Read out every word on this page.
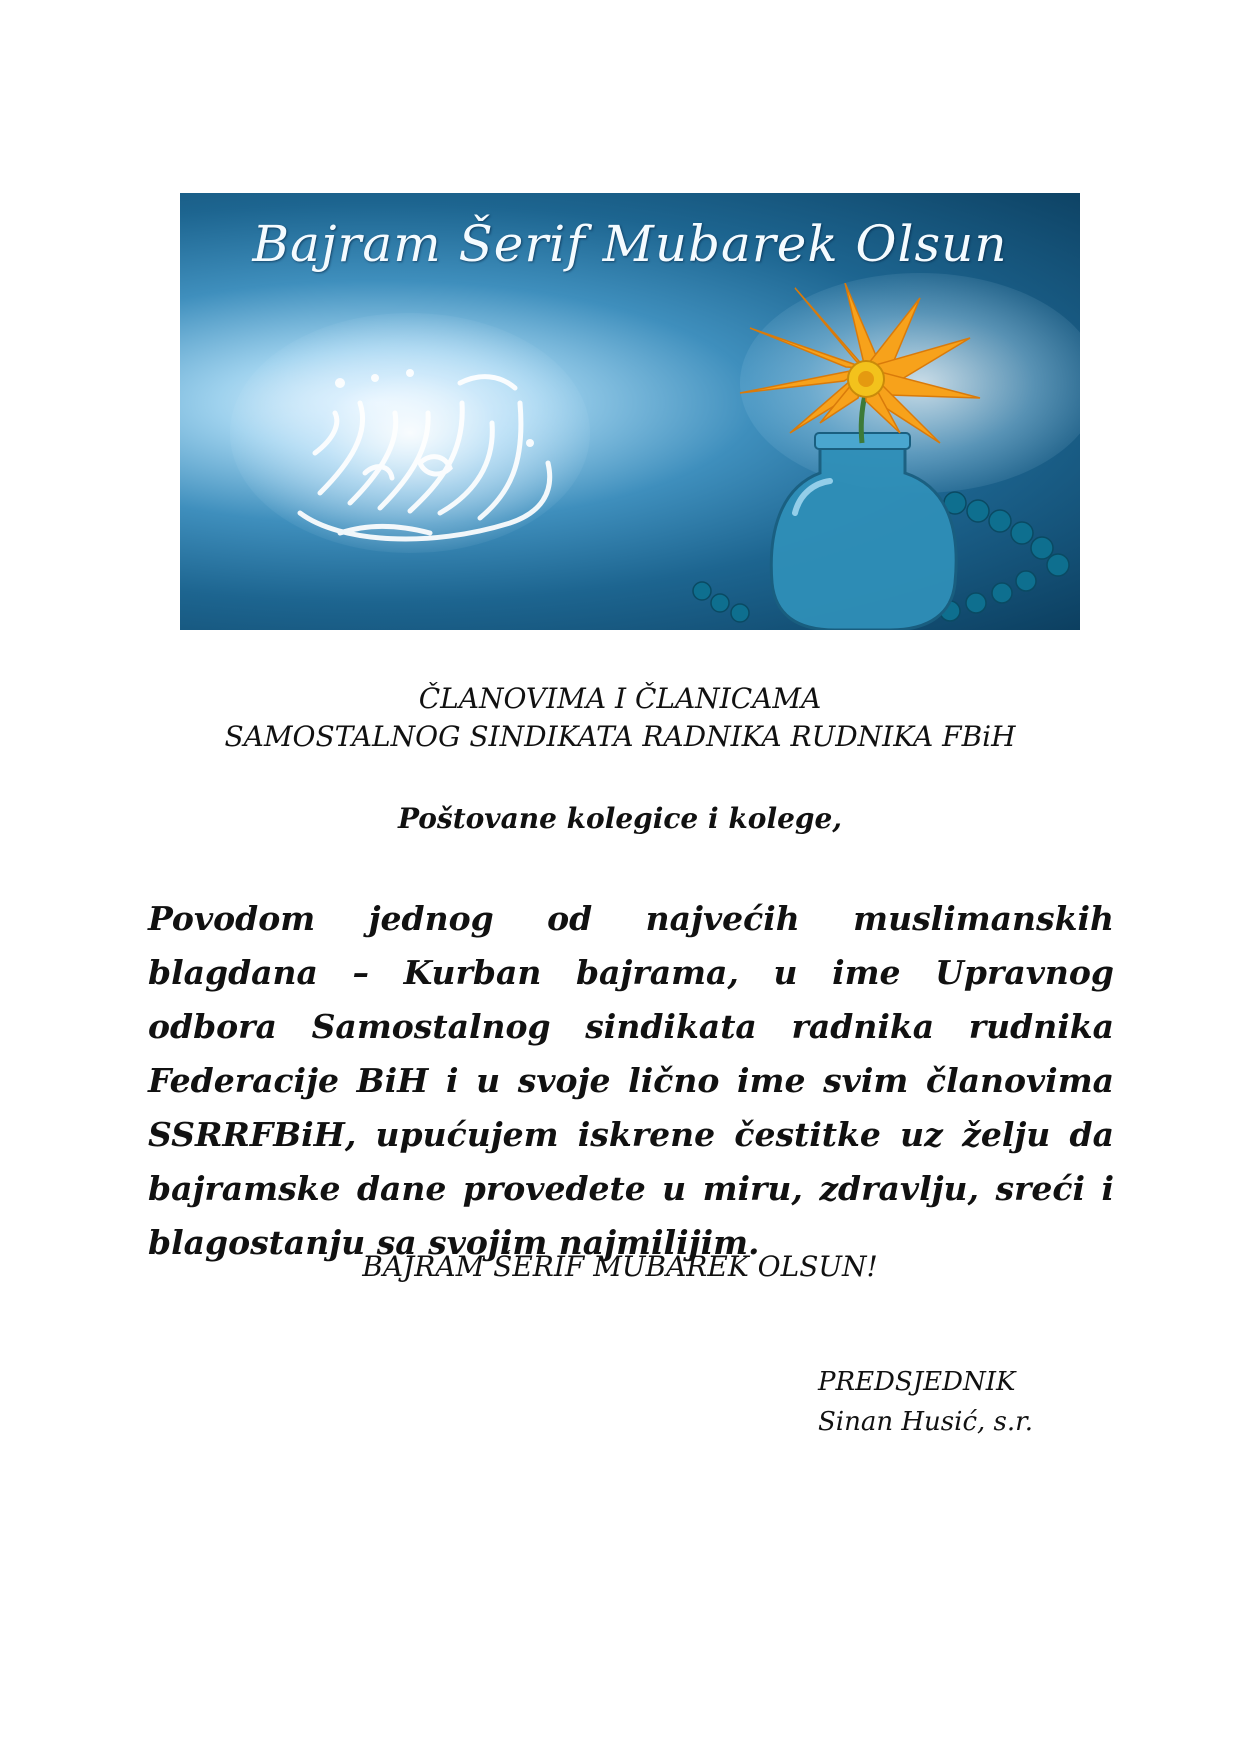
Bajram Šerif Mubarek Olsun
ČLANOVIMA I ČLANICAMA
SAMOSTALNOG SINDIKATA RADNIKA RUDNIKA FBiH
Poštovane kolegice i kolege,
Povodom jednog od najvećih muslimanskih blagdana – Kurban bajrama, u ime Upravnog odbora Samostalnog sindikata radnika rudnika Federacije BiH i u svoje lično ime svim članovima SSRRFBiH, upućujem iskrene čestitke uz želju da bajramske dane provedete u miru, zdravlju, sreći i blagostanju sa svojim najmilijim.
BAJRAM ŠERIF MUBAREK OLSUN!
PREDSJEDNIK
Sinan Husić, s.r.
